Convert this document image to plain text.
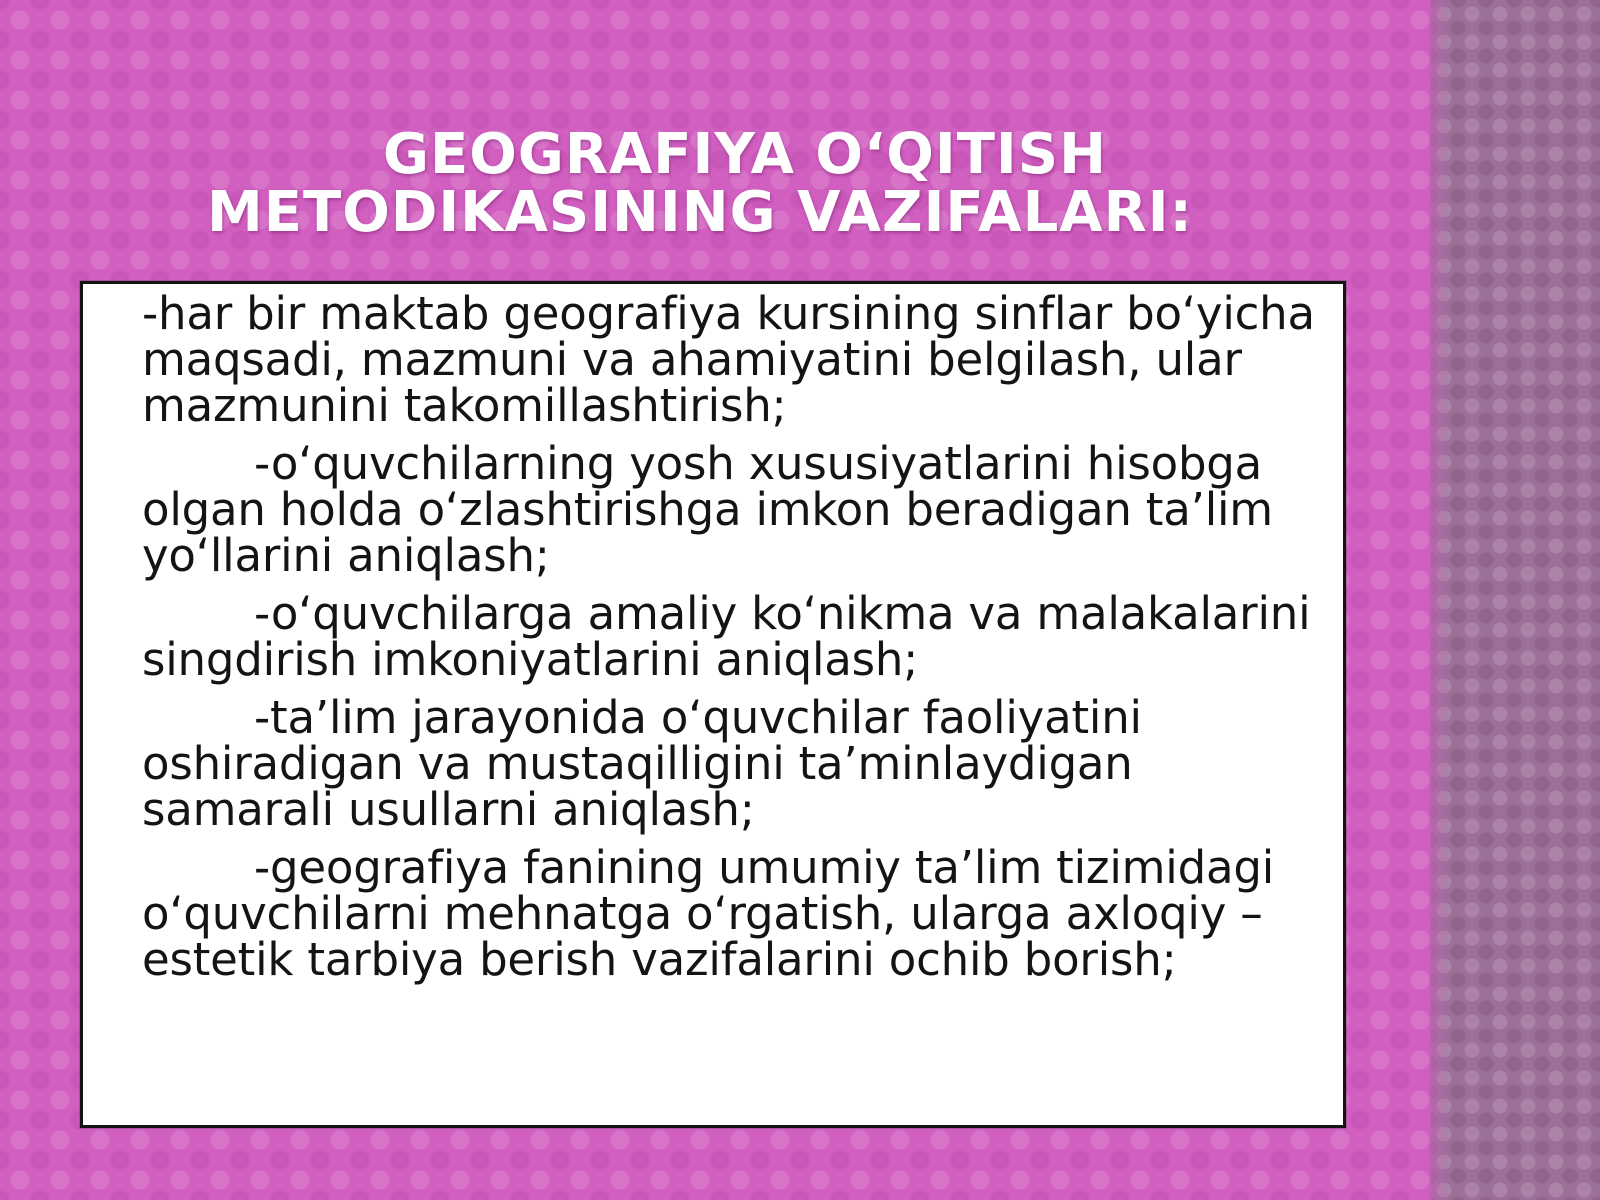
GEOGRAFIYA O‘QITISH
METODIKASINING VAZIFALARI:
-har bir maktab geografiya kursining sinflar bo‘yicha maqsadi, mazmuni va ahamiyatini belgilash, ular mazmunini takomillashtirish;
-o‘quvchilarning yosh xususiyatlarini hisobga olgan holda o‘zlashtirishga imkon beradigan ta’lim yo‘llarini aniqlash;
-o‘quvchilarga amaliy ko‘nikma va malakalarini singdirish imkoniyatlarini aniqlash;
-ta’lim jarayonida o‘quvchilar faoliyatini oshiradigan va mustaqilligini ta’minlaydigan samarali usullarni aniqlash;
-geografiya fanining umumiy ta’lim tizimidagi o‘quvchilarni mehnatga o‘rgatish, ularga axloqiy – estetik tarbiya berish vazifalarini ochib borish;
